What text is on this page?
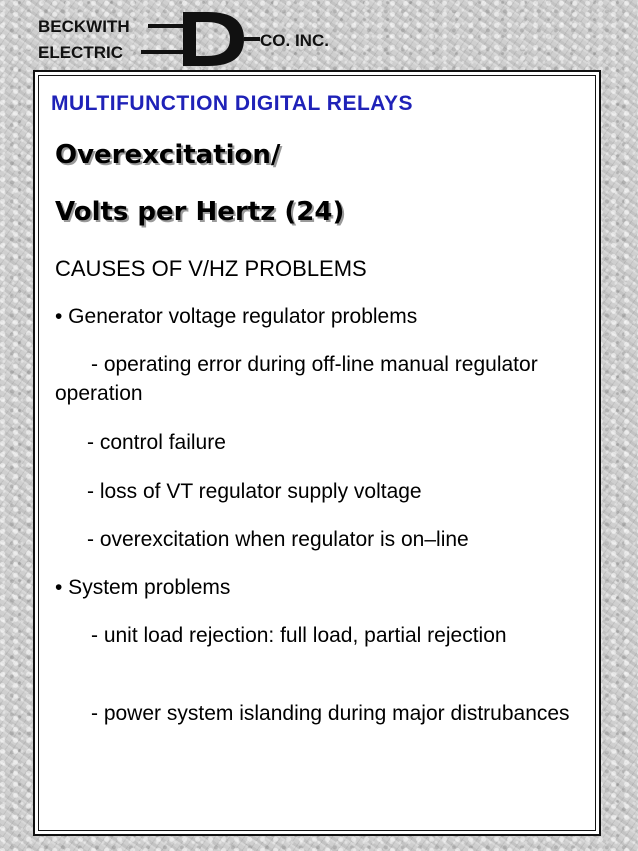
BECKWITH
ELECTRIC
CO. INC.
MULTIFUNCTION DIGITAL RELAYS
Overexcitation/
Volts per Hertz (24)
CAUSES OF V/HZ PROBLEMS
• Generator voltage regulator problems
- operating error during off-line manual regulator operation
- control failure
- loss of VT regulator supply voltage
- overexcitation when regulator is on–line
• System problems
- unit load rejection: full load, partial rejection
- power system islanding during major distrubances
